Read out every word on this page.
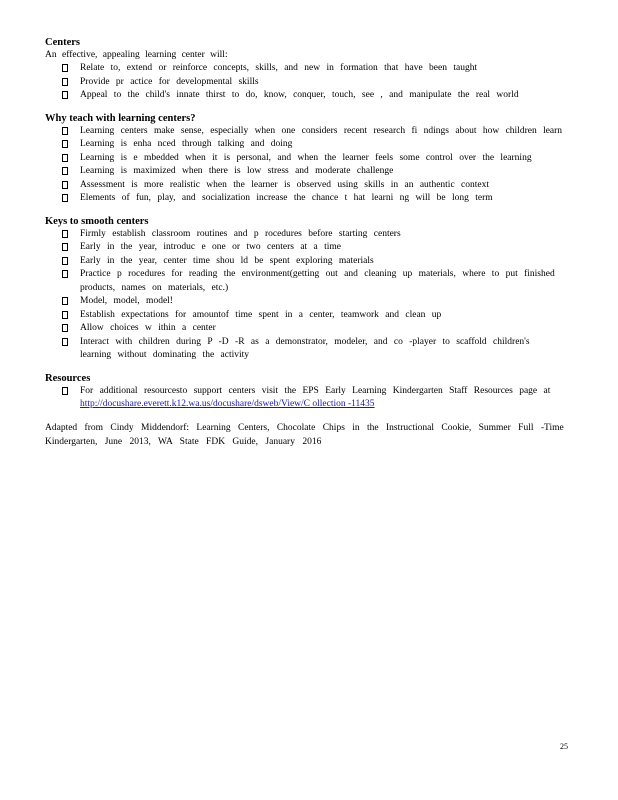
Centers

An effective, appealing learning center will:
Relate to, extend or reinforce concepts, skills, and new in formation that have been taught
Provide pr actice for developmental skills
Appeal to the child's innate thirst to do, know, conquer, touch, see , and manipulate the real world

Why teach with learning centers?

Learning centers make sense, especially when one considers recent research fi ndings about how children learn
Learning is enha nced through talking and doing
Learning is e mbedded when it is personal, and when the learner feels some control over the learning
Learning is maximized when there is low stress and moderate challenge
Assessment is more realistic when the learner is observed using skills in an authentic context
Elements of fun, play, and socialization increase the chance t hat learni ng will be long term

Keys to smooth centers

Firmly establish classroom routines and p rocedures before starting centers
Early in the year, introduc e one or two centers at a time
Early in the year, center time shou ld be spent exploring materials
Practice p rocedures for reading the environment(getting out and cleaning up materials, where to put finished products, names on materials, etc.)
Model, model, model!
Establish expectations for amountof time spent in a center, teamwork and clean up
Allow choices w ithin a center
Interact with children during P -D -R as a demonstrator, modeler, and co -player to scaffold children's learning without dominating the activity

Resources

For additional resourcesto support centers visit the EPS Early Learning Kindergarten Staff Resources page at http://docushare.everett.k12.wa.us/docushare/dsweb/View/C ollection -11435
Adapted from Cindy Middendorf: Learning Centers, Chocolate Chips in the Instructional Cookie, Summer Full -Time Kindergarten, June 2013, WA State FDK Guide, January 2016
25
